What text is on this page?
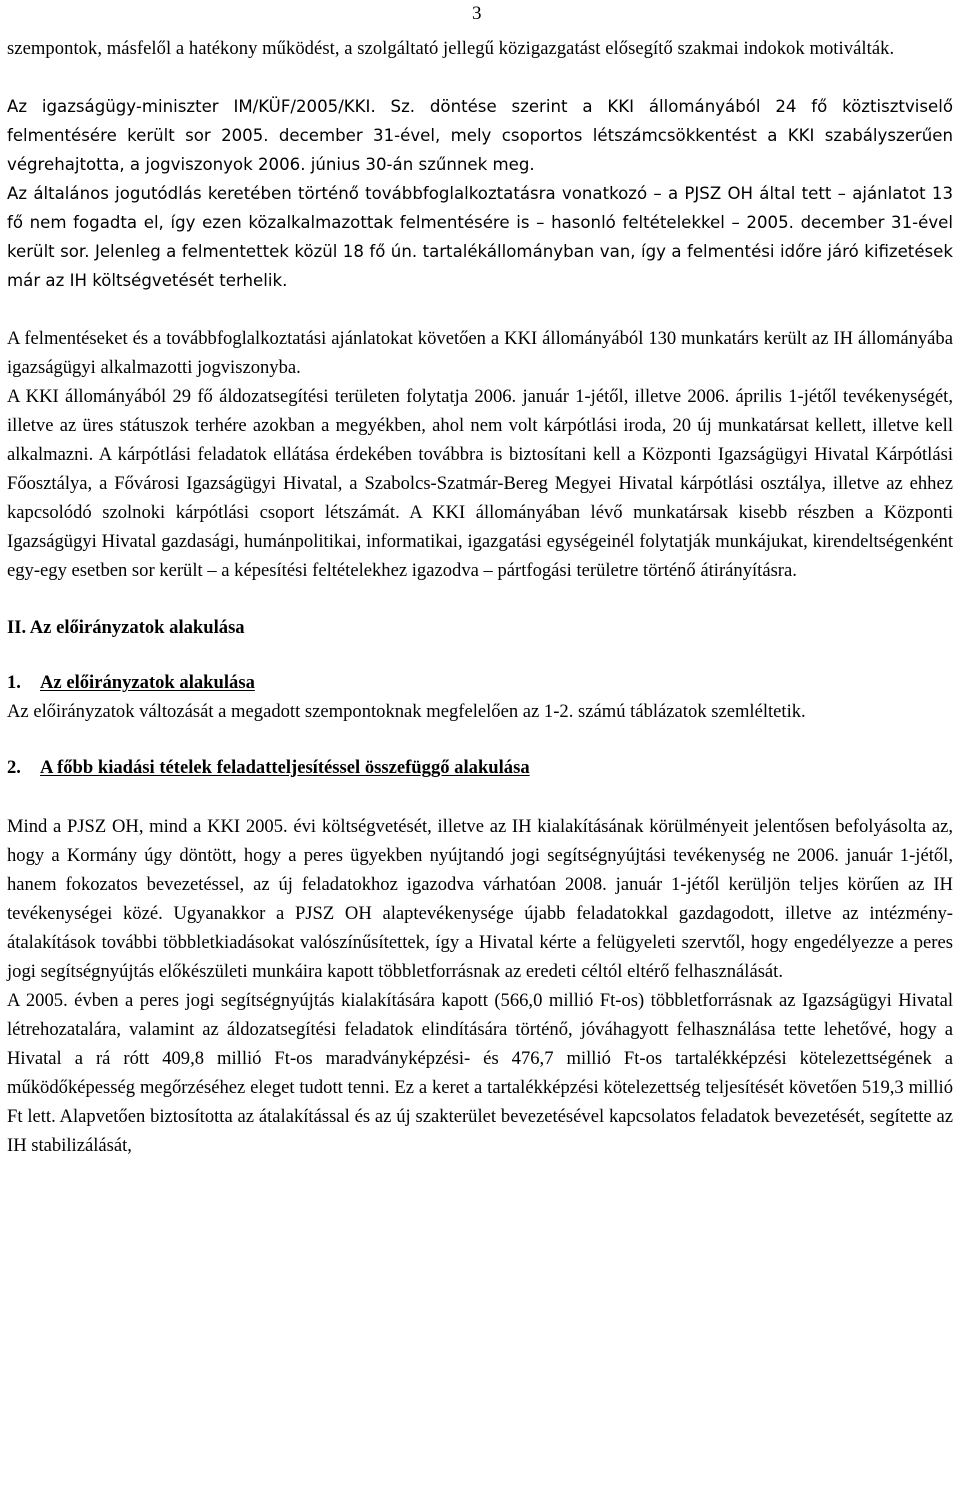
3

szempontok, másfelől a hatékony működést, a szolgáltató jellegű közigazgatást elősegítő szakmai indokok motiválták.

Az igazságügy-miniszter IM/KÜF/2005/KKI. Sz. döntése szerint a KKI állományából 24 fő köztisztviselő felmentésére került sor 2005. december 31-ével, mely csoportos létszámcsökkentést a KKI szabályszerűen végrehajtotta, a jogviszonyok 2006. június 30-án szűnnek meg.

Az általános jogutódlás keretében történő továbbfoglalkoztatásra vonatkozó – a PJSZ OH által tett – ajánlatot 13 fő nem fogadta el, így ezen közalkalmazottak felmentésére is – hasonló feltételekkel – 2005. december 31-ével került sor. Jelenleg a felmentettek közül 18 fő ún. tartalékállományban van, így a felmentési időre járó kifizetések már az IH költségvetését terhelik.

A felmentéseket és a továbbfoglalkoztatási ajánlatokat követően a KKI állományából 130 munkatárs került az IH állományába igazságügyi alkalmazotti jogviszonyba.

A KKI állományából 29 fő áldozatsegítési területen folytatja 2006. január 1-jétől, illetve 2006. április 1-jétől tevékenységét, illetve az üres státuszok terhére azokban a megyékben, ahol nem volt kárpótlási iroda, 20 új munkatársat kellett, illetve kell alkalmazni. A kárpótlási feladatok ellátása érdekében továbbra is biztosítani kell a Központi Igazságügyi Hivatal Kárpótlási Főosztálya, a Fővárosi Igazságügyi Hivatal, a Szabolcs-Szatmár-Bereg Megyei Hivatal kárpótlási osztálya, illetve az ehhez kapcsolódó szolnoki kárpótlási csoport létszámát. A KKI állományában lévő munkatársak kisebb részben a Központi Igazságügyi Hivatal gazdasági, humánpolitikai, informatikai, igazgatási egységeinél folytatják munkájukat, kirendeltségenként egy-egy esetben sor került – a képesítési feltételekhez igazodva – pártfogási területre történő átirányításra.

II. Az előirányzatok alakulása

1. Az előirányzatok alakulása

Az előirányzatok változását a megadott szempontoknak megfelelően az 1-2. számú táblázatok szemléltetik.

2. A főbb kiadási tételek feladatteljesítéssel összefüggő alakulása

Mind a PJSZ OH, mind a KKI 2005. évi költségvetését, illetve az IH kialakításának körülményeit jelentősen befolyásolta az, hogy a Kormány úgy döntött, hogy a peres ügyekben nyújtandó jogi segítségnyújtási tevékenység ne 2006. január 1-jétől, hanem fokozatos bevezetéssel, az új feladatokhoz igazodva várhatóan 2008. január 1-jétől kerüljön teljes körűen az IH tevékenységei közé. Ugyanakkor a PJSZ OH alaptevékenysége újabb feladatokkal gazdagodott, illetve az intézmény-átalakítások további többletkiadásokat valószínűsítettek, így a Hivatal kérte a felügyeleti szervtől, hogy engedélyezze a peres jogi segítségnyújtás előkészületi munkáira kapott többletforrásnak az eredeti céltól eltérő felhasználását.

A 2005. évben a peres jogi segítségnyújtás kialakítására kapott (566,0 millió Ft-os) többletforrásnak az Igazságügyi Hivatal létrehozatalára, valamint az áldozatsegítési feladatok elindítására történő, jóváhagyott felhasználása tette lehetővé, hogy a Hivatal a rá rótt 409,8 millió Ft-os maradványképzési- és 476,7 millió Ft-os tartalékképzési kötelezettségének a működőképesség megőrzéséhez eleget tudott tenni. Ez a keret a tartalékképzési kötelezettség teljesítését követően 519,3 millió Ft lett. Alapvetően biztosította az átalakítással és az új szakterület bevezetésével kapcsolatos feladatok bevezetését, segítette az IH stabilizálását,
